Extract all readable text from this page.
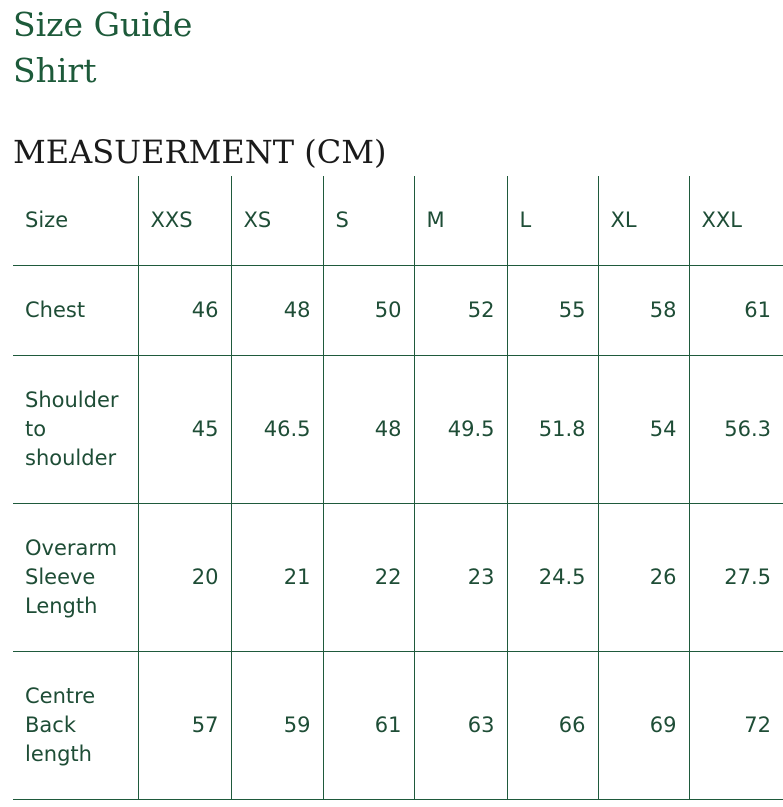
Size Guide
Shirt
MEASUERMENT (CM)
Size	XXS	XS	S	M	L	XL	XXL
Chest	46	48	50	52	55	58	61
Shoulder
to
shoulder	45	46.5	48	49.5	51.8	54	56.3
Overarm
Sleeve
Length	20	21	22	23	24.5	26	27.5
Centre
Back
length	57	59	61	63	66	69	72
